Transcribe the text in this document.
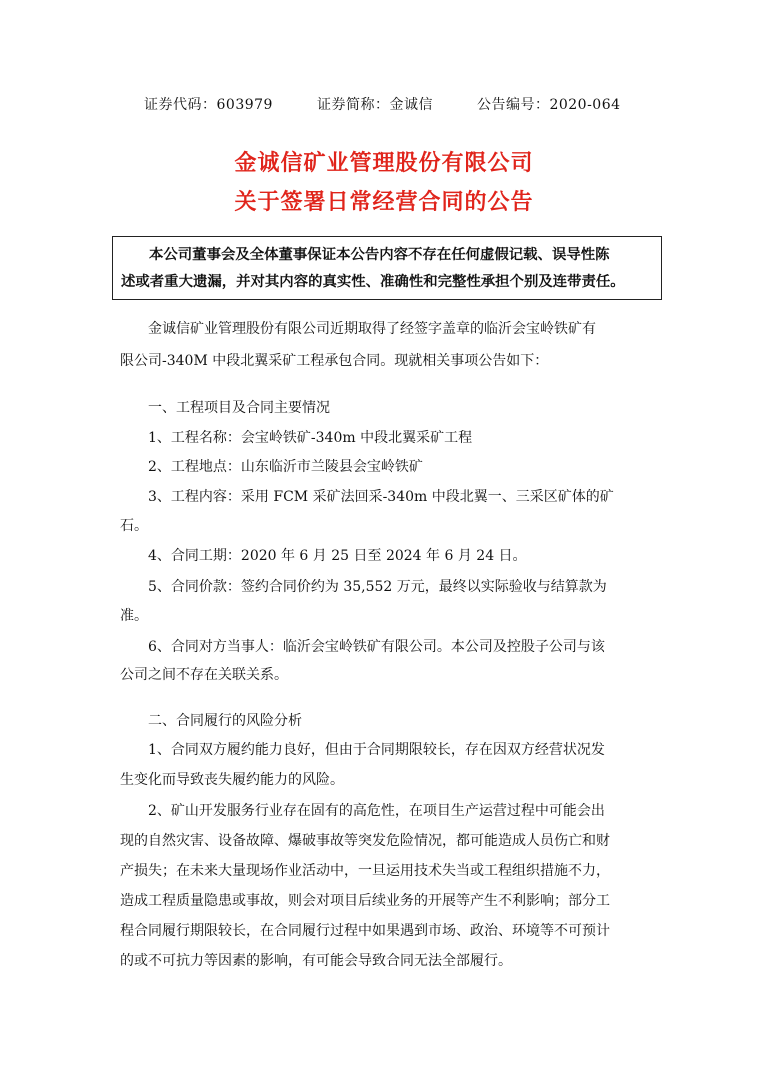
证券代码：603979	证券简称：金诚信	公告编号：2020-064
金诚信矿业管理股份有限公司
关于签署日常经营合同的公告
本公司董事会及全体董事保证本公告内容不存在任何虚假记载、误导性陈
述或者重大遗漏，并对其内容的真实性、准确性和完整性承担个别及连带责任。
金诚信矿业管理股份有限公司近期取得了经签字盖章的临沂会宝岭铁矿有
限公司-340M 中段北翼采矿工程承包合同。现就相关事项公告如下：
一、工程项目及合同主要情况
1、工程名称：会宝岭铁矿-340m 中段北翼采矿工程
2、工程地点：山东临沂市兰陵县会宝岭铁矿
3、工程内容：采用 FCM 采矿法回采-340m 中段北翼一、三采区矿体的矿
石。
4、合同工期：2020 年 6 月 25 日至 2024 年 6 月 24 日。
5、合同价款：签约合同价约为 35,552 万元，最终以实际验收与结算款为
准。
6、合同对方当事人：临沂会宝岭铁矿有限公司。本公司及控股子公司与该
公司之间不存在关联关系。
二、合同履行的风险分析
1、合同双方履约能力良好，但由于合同期限较长，存在因双方经营状况发
生变化而导致丧失履约能力的风险。
2、矿山开发服务行业存在固有的高危性，在项目生产运营过程中可能会出
现的自然灾害、设备故障、爆破事故等突发危险情况，都可能造成人员伤亡和财
产损失；在未来大量现场作业活动中，一旦运用技术失当或工程组织措施不力，
造成工程质量隐患或事故，则会对项目后续业务的开展等产生不利影响；部分工
程合同履行期限较长，在合同履行过程中如果遇到市场、政治、环境等不可预计
的或不可抗力等因素的影响，有可能会导致合同无法全部履行。
